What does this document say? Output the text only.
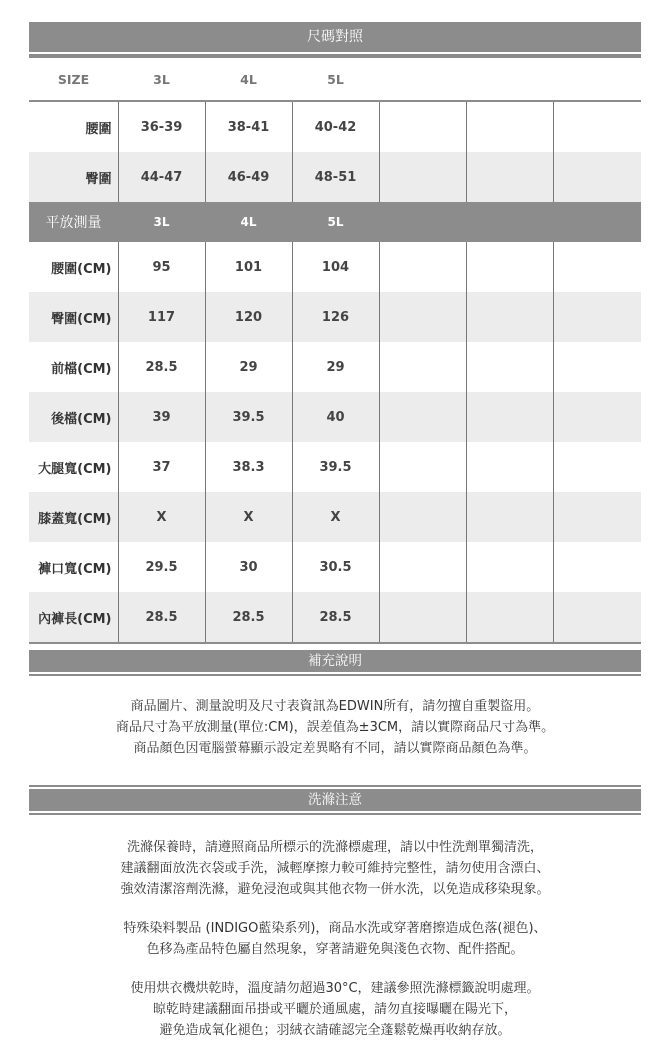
尺碼對照
SIZE	3L	4L	5L			
腰圍	36-39	38-41	40-42			
臀圍	44-47	46-49	48-51			
平放測量	3L	4L	5L			
腰圍(CM)	95	101	104			
臀圍(CM)	117	120	126			
前檔(CM)	28.5	29	29			
後檔(CM)	39	39.5	40			
大腿寬(CM)	37	38.3	39.5			
膝蓋寬(CM)	X	X	X			
褲口寬(CM)	29.5	30	30.5			
內褲長(CM)	28.5	28.5	28.5			
補充說明
商品圖片、測量說明及尺寸表資訊為EDWIN所有，請勿擅自重製盜用。
商品尺寸為平放測量(單位:CM)，誤差值為±3CM，請以實際商品尺寸為準。
商品顏色因電腦螢幕顯示設定差異略有不同，請以實際商品顏色為準。
洗滌注意
洗滌保養時，請遵照商品所標示的洗滌標處理，請以中性洗劑單獨清洗，
建議翻面放洗衣袋或手洗，減輕摩擦力較可維持完整性，請勿使用含漂白、
強效清潔溶劑洗滌，避免浸泡或與其他衣物一併水洗，以免造成移染現象。
特殊染料製品 (INDIGO藍染系列)，商品水洗或穿著磨擦造成色落(褪色)、
色移為產品特色屬自然現象，穿著請避免與淺色衣物、配件搭配。
使用烘衣機烘乾時，溫度請勿超過30°C，建議參照洗滌標籤說明處理。
晾乾時建議翻面吊掛或平曬於通風處，請勿直接曝曬在陽光下，
避免造成氧化褪色；羽絨衣請確認完全蓬鬆乾燥再收納存放。
